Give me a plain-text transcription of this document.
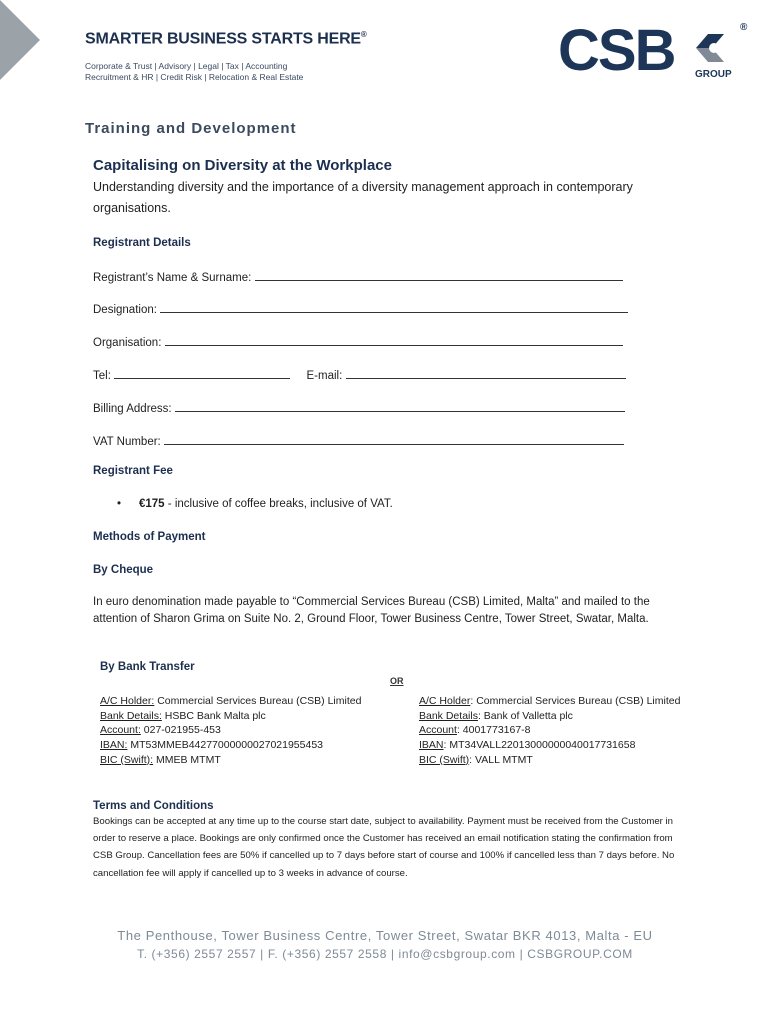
SMARTER BUSINESS STARTS HERE®
Corporate & Trust | Advisory | Legal | Tax | Accounting
Recruitment & HR | Credit Risk | Relocation & Real Estate	CSB GROUP
®
Training and Development
Capitalising on Diversity at the Workplace
Understanding diversity and the importance of a diversity management approach in contemporary organisations.
Registrant Details
Registrant’s Name & Surname:
Designation:
Organisation:
Tel:	E-mail:
Billing Address:
VAT Number:
Registrant Fee
• €175 - inclusive of coffee breaks, inclusive of VAT.
Methods of Payment
By Cheque
In euro denomination made payable to “Commercial Services Bureau (CSB) Limited, Malta” and mailed to the attention of Sharon Grima on Suite No. 2, Ground Floor, Tower Business Centre, Tower Street, Swatar, Malta.
By Bank Transfer
OR
A/C Holder: Commercial Services Bureau (CSB) Limited
Bank Details: HSBC Bank Malta plc
Account: 027-021955-453
IBAN: MT53MMEB44277000000027021955453
BIC (Swift): MMEB MTMT
A/C Holder: Commercial Services Bureau (CSB) Limited
Bank Details: Bank of Valletta plc
Account: 4001773167-8
IBAN: MT34VALL22013000000040017731658
BIC (Swift): VALL MTMT
Terms and Conditions
Bookings can be accepted at any time up to the course start date, subject to availability. Payment must be received from the Customer in order to reserve a place. Bookings are only confirmed once the Customer has received an email notification stating the confirmation from CSB Group. Cancellation fees are 50% if cancelled up to 7 days before start of course and 100% if cancelled less than 7 days before. No cancellation fee will apply if cancelled up to 3 weeks in advance of course.
The Penthouse, Tower Business Centre, Tower Street, Swatar BKR 4013, Malta - EU
T. (+356) 2557 2557 | F. (+356) 2557 2558 | info@csbgroup.com | CSBGROUP.COM
